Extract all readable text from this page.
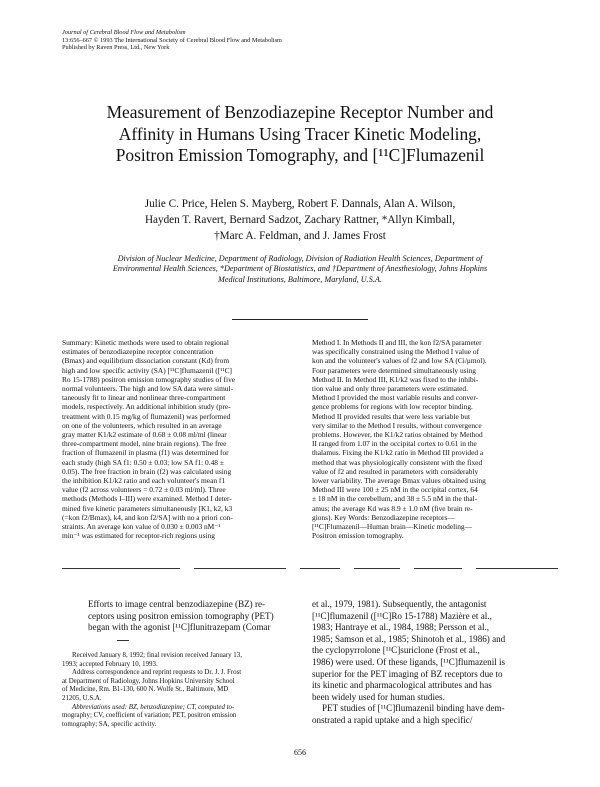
Journal of Cerebral Blood Flow and Metabolism
13:656–667 © 1993 The International Society of Cerebral Blood Flow and Metabolism
Published by Raven Press, Ltd., New York
Measurement of Benzodiazepine Receptor Number and
Affinity in Humans Using Tracer Kinetic Modeling,
Positron Emission Tomography, and [¹¹C]Flumazenil
Julie C. Price, Helen S. Mayberg, Robert F. Dannals, Alan A. Wilson,
Hayden T. Ravert, Bernard Sadzot, Zachary Rattner, *Allyn Kimball,
†Marc A. Feldman, and J. James Frost
Division of Nuclear Medicine, Department of Radiology, Division of Radiation Health Sciences, Department of
Environmental Health Sciences, *Department of Biostatistics, and †Department of Anesthesiology, Johns Hopkins
Medical Institutions, Baltimore, Maryland, U.S.A.
Summary: Kinetic methods were used to obtain regional
estimates of benzodiazepine receptor concentration
(Bmax) and equilibrium dissociation constant (Kd) from
high and low specific activity (SA) [¹¹C]flumazenil ([¹¹C]
Ro 15-1788) positron emission tomography studies of five
normal volunteers. The high and low SA data were simul-
taneously fit to linear and nonlinear three-compartment
models, respectively. An additional inhibition study (pre-
treatment with 0.15 mg/kg of flumazenil) was performed
on one of the volunteers, which resulted in an average
gray matter K1/k2 estimate of 0.68 ± 0.08 ml/ml (linear
three-compartment model, nine brain regions). The free
fraction of flumazenil in plasma (f1) was determined for
each study (high SA f1: 0.50 ± 0.03; low SA f1: 0.48 ±
0.05). The free fraction in brain (f2) was calculated using
the inhibition K1/k2 ratio and each volunteer's mean f1
value (f2 across volunteers = 0.72 ± 0.03 ml/ml). Three
methods (Methods I–III) were examined. Method I deter-
mined five kinetic parameters simultaneously [K1, k2, k3
(=kon f2/Bmax), k4, and kon f2/SA] with no a priori con-
straints. An average kon value of 0.030 ± 0.003 nM⁻¹
min⁻¹ was estimated for receptor-rich regions using
Method I. In Methods II and III, the kon f2/SA parameter
was specifically constrained using the Method I value of
kon and the volunteer's values of f2 and low SA (Ci/μmol).
Four parameters were determined simultaneously using
Method II. In Method III, K1/k2 was fixed to the inhibi-
tion value and only three parameters were estimated.
Method I provided the most variable results and conver-
gence problems for regions with low receptor binding.
Method II provided results that were less variable but
very similar to the Method I results, without convergence
problems. However, the K1/k2 ratios obtained by Method
II ranged from 1.07 in the occipital cortex to 0.61 in the
thalamus. Fixing the K1/k2 ratio in Method III provided a
method that was physiologically consistent with the fixed
value of f2 and resulted in parameters with considerably
lower variability. The average Bmax values obtained using
Method III were 100 ± 25 nM in the occipital cortex, 64
± 18 nM in the cerebellum, and 38 ± 5.5 nM in the thal-
amus; the average Kd was 8.9 ± 1.0 nM (five brain re-
gions). Key Words: Benzodiazepine receptors—
[¹¹C]Flumazenil—Human brain—Kinetic modeling—
Positron emission tomography.
Efforts to image central benzodiazepine (BZ) re-
ceptors using positron emission tomography (PET)
began with the agonist [¹¹C]flunitrazepam (Comar
Received January 8, 1992; final revision received January 13,
1993; accepted February 10, 1993.
Address correspondence and reprint requests to Dr. J. J. Frost
at Department of Radiology, Johns Hopkins University School
of Medicine, Rm. B1-130, 600 N. Wolfe St., Baltimore, MD
21205, U.S.A.
Abbreviations used: BZ, benzodiazepine; CT, computed to-
mography; CV, coefficient of variation; PET, positron emission
tomography; SA, specific activity.
et al., 1979, 1981). Subsequently, the antagonist
[¹¹C]flumazenil ([¹¹C]Ro 15-1788) Mazière et al.,
1983; Hantraye et al., 1984, 1988; Persson et al.,
1985; Samson et al., 1985; Shinotoh et al., 1986) and
the cyclopyrrolone [¹¹C]suriclone (Frost et al.,
1986) were used. Of these ligands, [¹¹C]flumazenil is
superior for the PET imaging of BZ receptors due to
its kinetic and pharmacological attributes and has
been widely used for human studies.
PET studies of [¹¹C]flumazenil binding have dem-
onstrated a rapid uptake and a high specific/
656
